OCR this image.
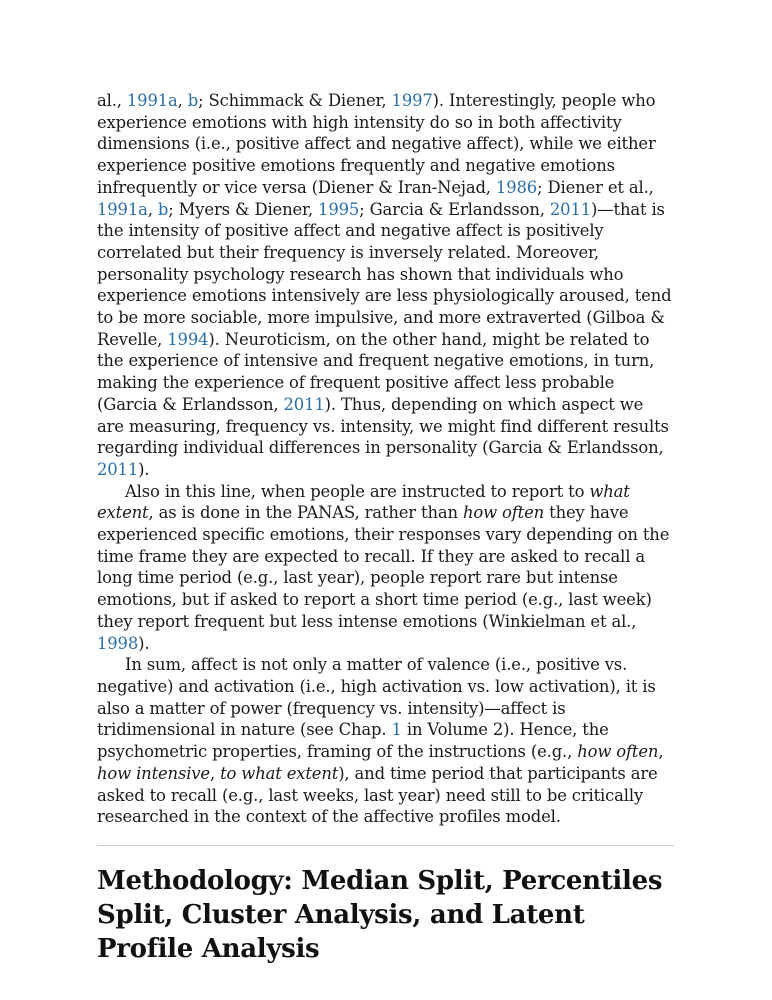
al., 1991a, b; Schimmack & Diener, 1997). Interestingly, people who experience emotions with high intensity do so in both affectivity dimensions (i.e., positive affect and negative affect), while we either experience positive emotions frequently and negative emotions infrequently or vice versa (Diener & Iran-Nejad, 1986; Diener et al., 1991a, b; Myers & Diener, 1995; Garcia & Erlandsson, 2011)—that is the intensity of positive affect and negative affect is positively correlated but their frequency is inversely related. Moreover, personality psychology research has shown that individuals who experience emotions intensively are less physiologically aroused, tend to be more sociable, more impulsive, and more extraverted (Gilboa & Revelle, 1994). Neuroticism, on the other hand, might be related to the experience of intensive and frequent negative emotions, in turn, making the experience of frequent positive affect less probable (Garcia & Erlandsson, 2011). Thus, depending on which aspect we are measuring, frequency vs. intensity, we might find different results regarding individual differences in personality (Garcia & Erlandsson, 2011).

Also in this line, when people are instructed to report to what extent, as is done in the PANAS, rather than how often they have experienced specific emotions, their responses vary depending on the time frame they are expected to recall. If they are asked to recall a long time period (e.g., last year), people report rare but intense emotions, but if asked to report a short time period (e.g., last week) they report frequent but less intense emotions (Winkielman et al., 1998).

In sum, affect is not only a matter of valence (i.e., positive vs. negative) and activation (i.e., high activation vs. low activation), it is also a matter of power (frequency vs. intensity)—affect is tridimensional in nature (see Chap. 1 in Volume 2). Hence, the psychometric properties, framing of the instructions (e.g., how often, how intensive, to what extent), and time period that participants are asked to recall (e.g., last weeks, last year) need still to be critically researched in the context of the affective profiles model.

Methodology: Median Split, Percentiles Split, Cluster Analysis, and Latent Profile Analysis
